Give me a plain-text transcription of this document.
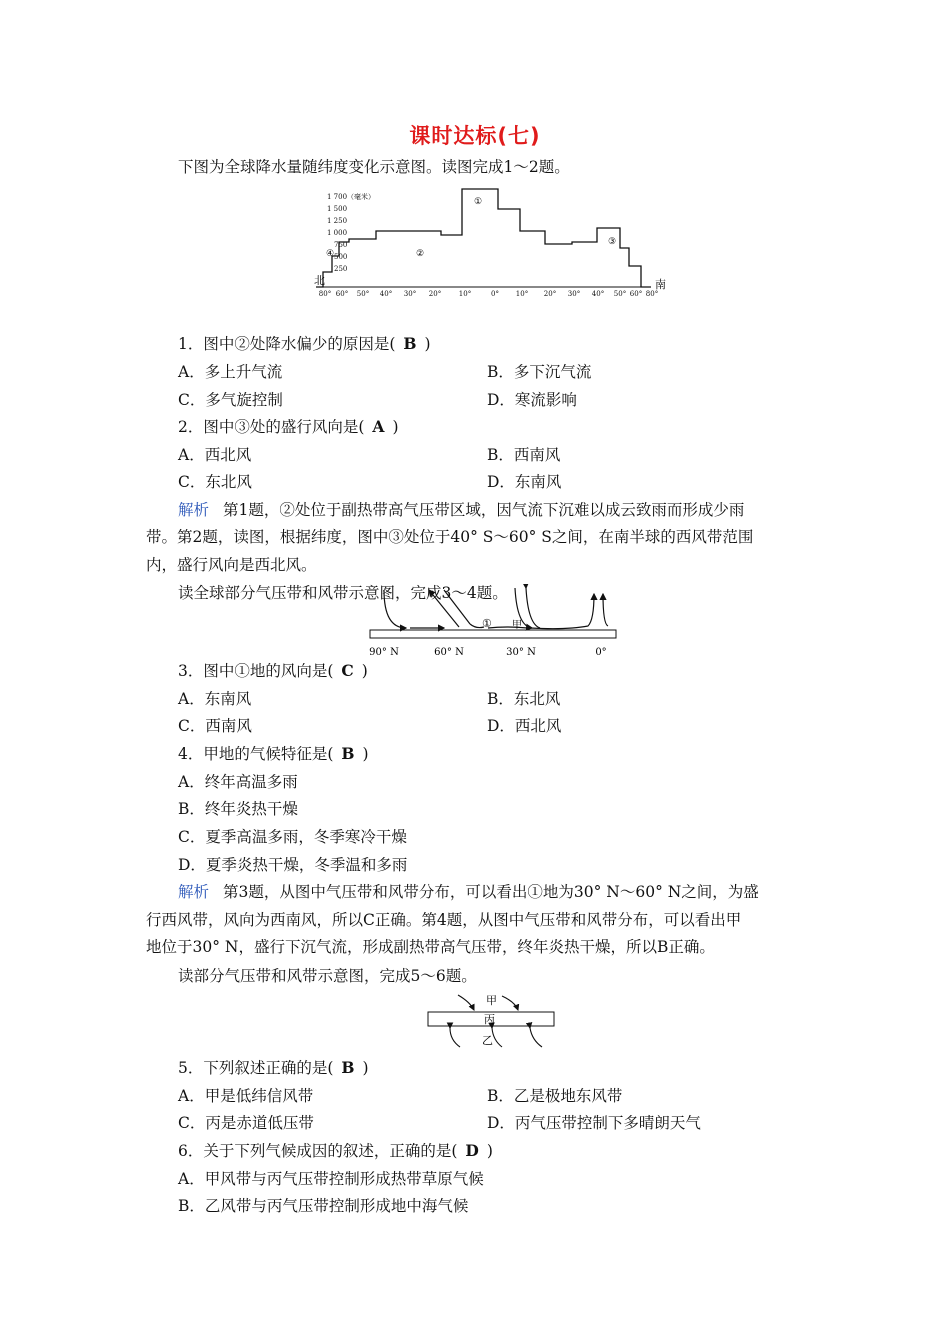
课时达标(七)
下图为全球降水量随纬度变化示意图。读图完成1～2题。
1 700（毫米）
1 500
1 250
1 000
750
500
250
北	南
①
②
③
④
80° 60° 50° 40° 30° 20°	10°	0° 10° 20° 30° 40° 50° 60° 80°
1．图中②处降水偏少的原因是( B )
A．多上升气流	B．多下沉气流
C．多气旋控制	D．寒流影响
2．图中③处的盛行风向是( A )
A．西北风	B．西南风
C．东北风	D．东南风
解析 第1题，②处位于副热带高气压带区域，因气流下沉难以成云致雨而形成少雨
带。第2题，读图，根据纬度，图中③处位于40° S～60° S之间，在南半球的西风带范围
内，盛行风向是西北风。
读全球部分气压带和风带示意图，完成3～4题。
① 甲
90° N	60° N	30° N	0°
3．图中①地的风向是( C )
A．东南风	B．东北风
C．西南风	D．西北风
4．甲地的气候特征是( B )
A．终年高温多雨
B．终年炎热干燥
C．夏季高温多雨，冬季寒冷干燥
D．夏季炎热干燥，冬季温和多雨
解析 第3题，从图中气压带和风带分布，可以看出①地为30° N～60° N之间，为盛
行西风带，风向为西南风，所以C正确。第4题，从图中气压带和风带分布，可以看出甲
地位于30° N，盛行下沉气流，形成副热带高气压带，终年炎热干燥，所以B正确。
读部分气压带和风带示意图，完成5～6题。
甲
丙
乙
5．下列叙述正确的是( B )
A．甲是低纬信风带	B．乙是极地东风带
C．丙是赤道低压带	D．丙气压带控制下多晴朗天气
6．关于下列气候成因的叙述，正确的是( D )
A．甲风带与丙气压带控制形成热带草原气候
B．乙风带与丙气压带控制形成地中海气候
